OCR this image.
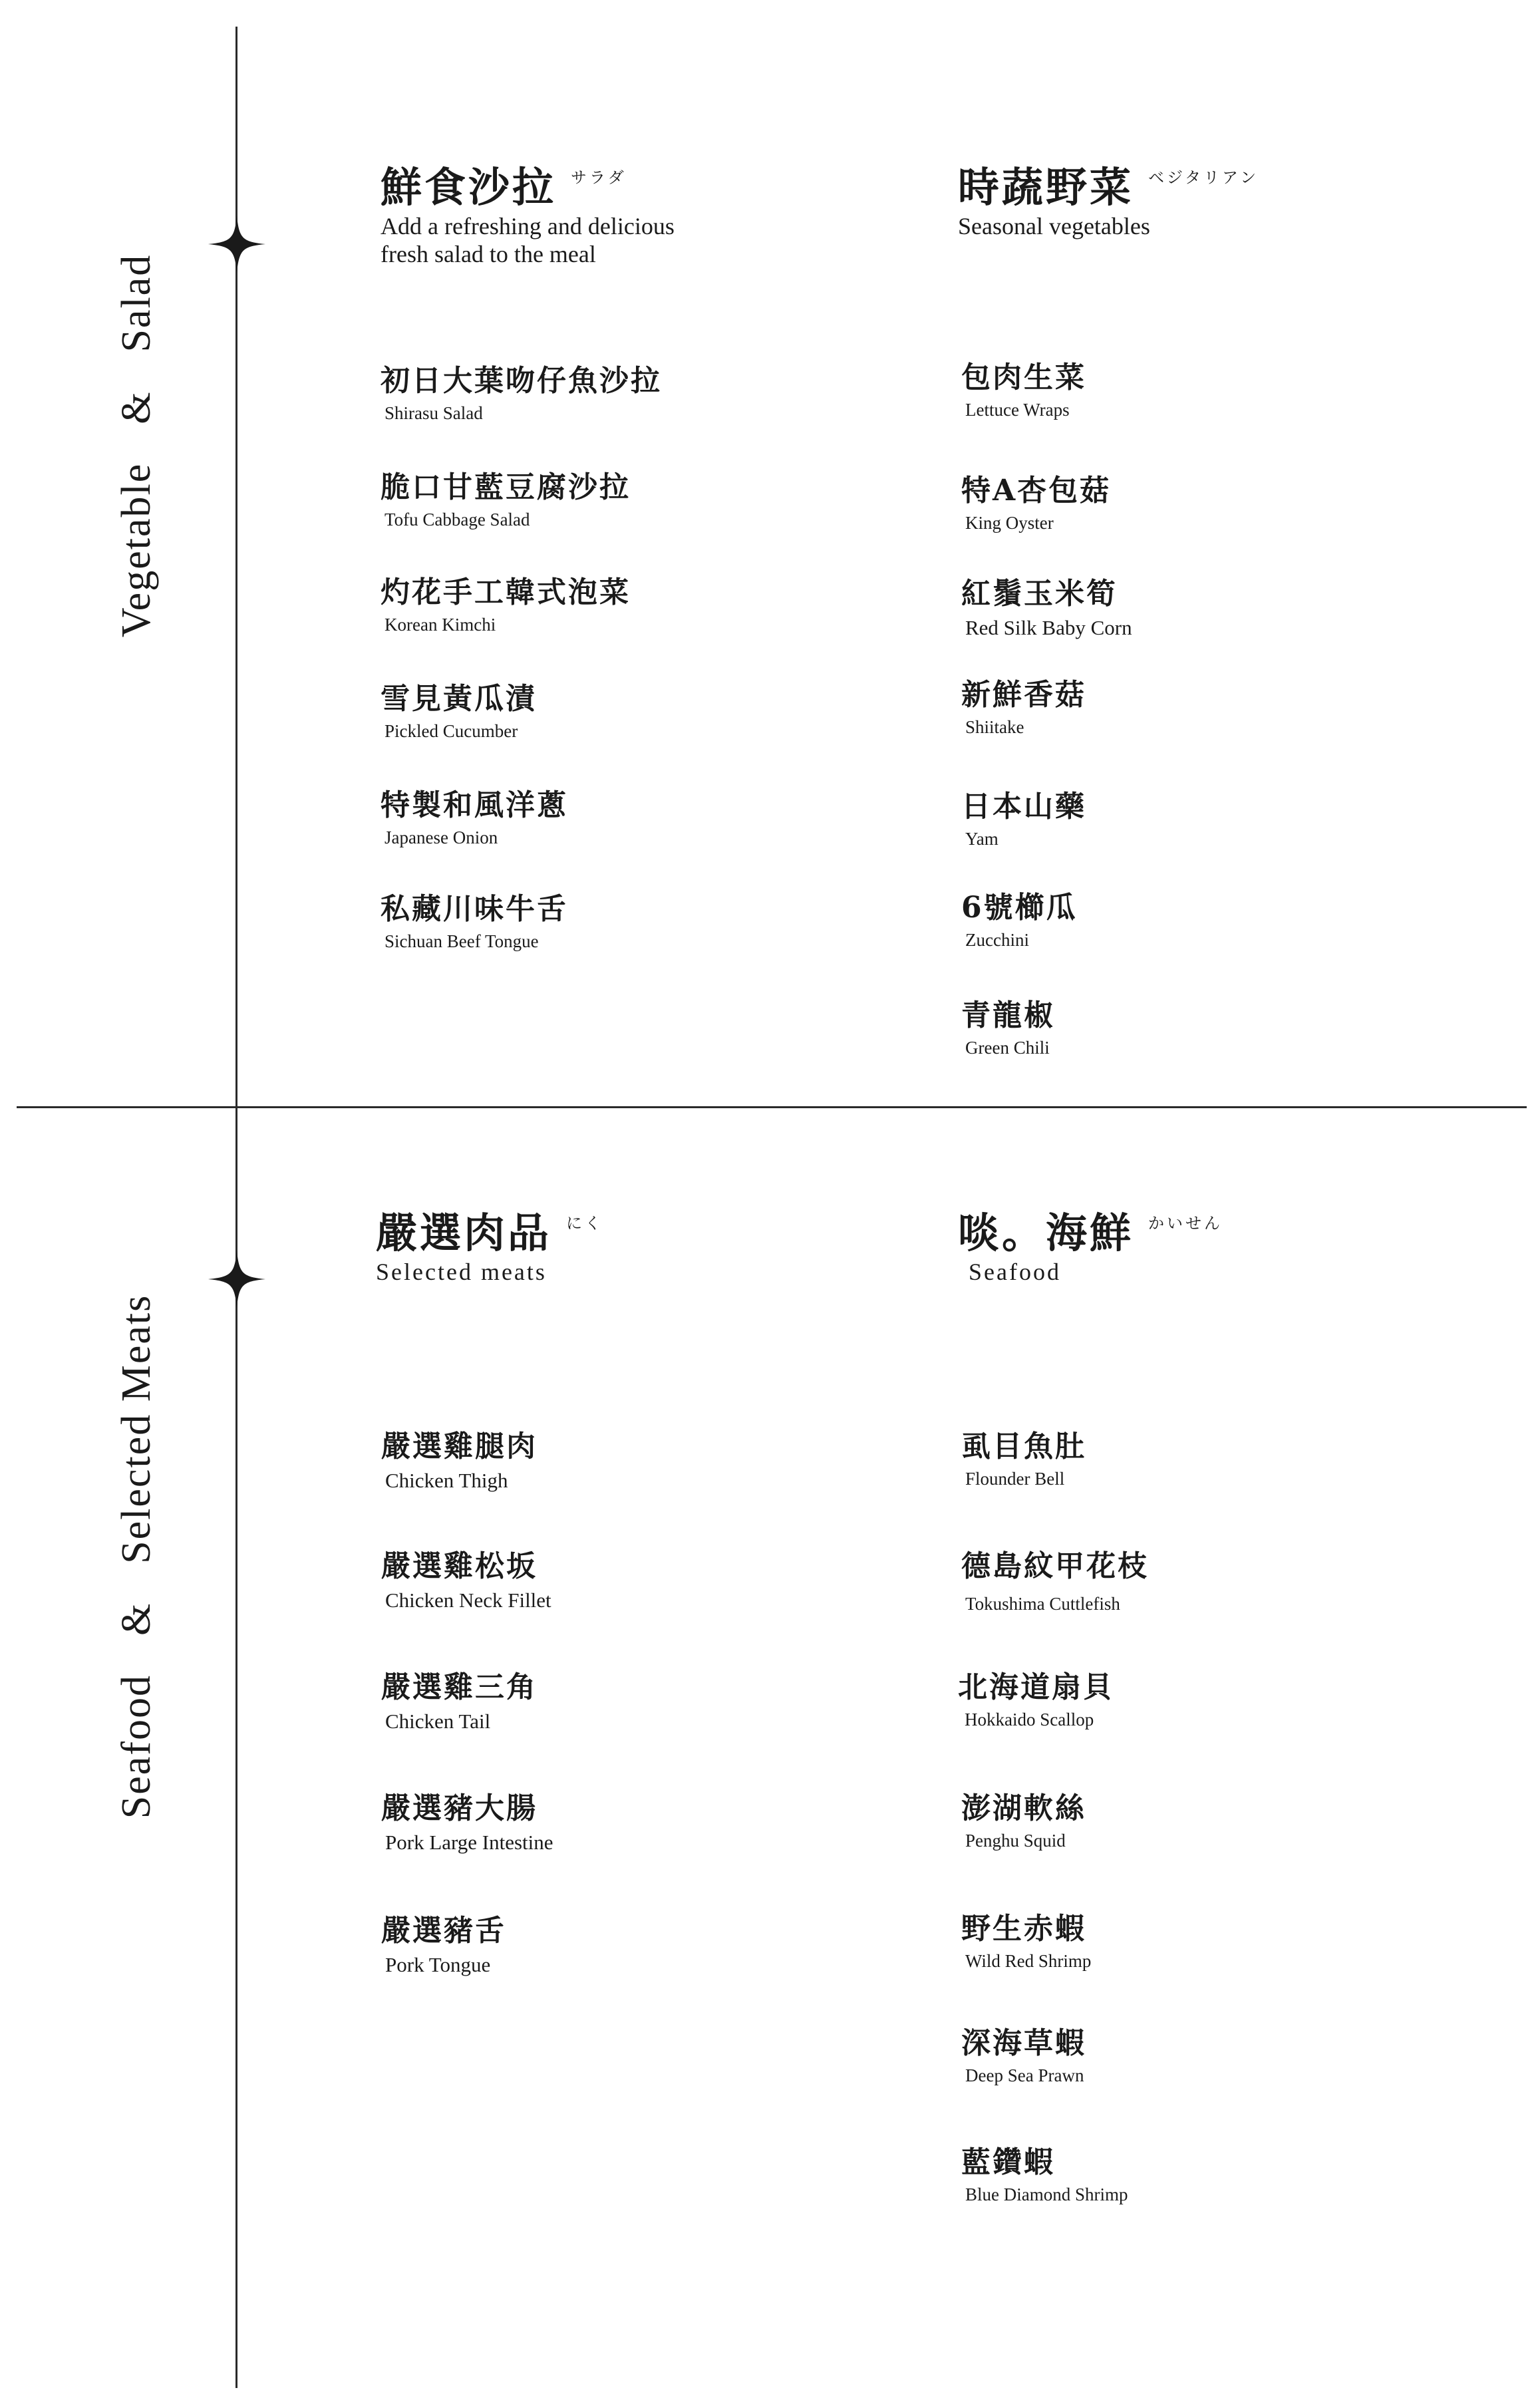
Vegetable&Salad
Seafood&Selected Meats
鮮食沙拉 $^{サラダ}$
Add a refreshing and delicious
fresh salad to the meal
初日大葉吻仔魚沙拉
Shirasu Salad
脆口甘藍豆腐沙拉
Tofu Cabbage Salad
灼花手工韓式泡菜
Korean Kimchi
雪見黃瓜漬
Pickled Cucumber
特製和風洋蔥
Japanese Onion
私藏川味牛舌
Sichuan Beef Tongue
時蔬野菜 $^{ベジタリアン}$
Seasonal vegetables
包肉生菜
Lettuce Wraps
特A杏包菇
King Oyster
紅鬚玉米筍
Red Silk Baby Corn
新鮮香菇
Shiitake
日本山藥
Yam
6號櫛瓜
Zucchini
青龍椒
Green Chili
嚴選肉品 $^{にく}$
Selected meats
嚴選雞腿肉
Chicken Thigh
嚴選雞松坂
Chicken Neck Fillet
嚴選雞三角
Chicken Tail
嚴選豬大腸
Pork Large Intestine
嚴選豬舌
Pork Tongue
啖。海鮮 $^{かいせん}$
Seafood
虱目魚肚
Flounder Bell
德島紋甲花枝
Tokushima Cuttlefish
北海道扇貝
Hokkaido Scallop
澎湖軟絲
Penghu Squid
野生赤蝦
Wild Red Shrimp
深海草蝦
Deep Sea Prawn
藍鑽蝦
Blue Diamond Shrimp
